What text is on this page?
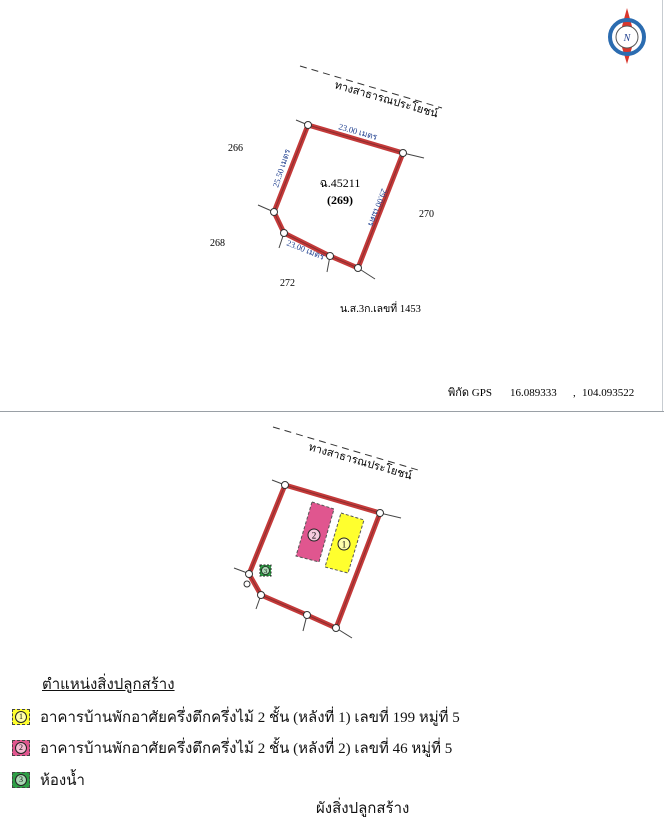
N
ทางสาธารณประโยชน์
23.00 เมตร
25.50 เมตร
29.00 เมตร
23.00 เมตร
ฉ.45211
(269)
266
268
270
272
น.ส.3ก.เลขที่ 1453
พิกัด GPS 16.089333 , 104.093522
ทางสาธารณประโยชน์
2
1
3
ตำแหน่งสิ่งปลูกสร้าง
1 อาคารบ้านพักอาศัยครึ่งตึกครึ่งไม้ 2 ชั้น (หลังที่ 1) เลขที่ 199 หมู่ที่ 5
2 อาคารบ้านพักอาศัยครึ่งตึกครึ่งไม้ 2 ชั้น (หลังที่ 2) เลขที่ 46 หมู่ที่ 5
3 ห้องน้ำ
ผังสิ่งปลูกสร้าง
